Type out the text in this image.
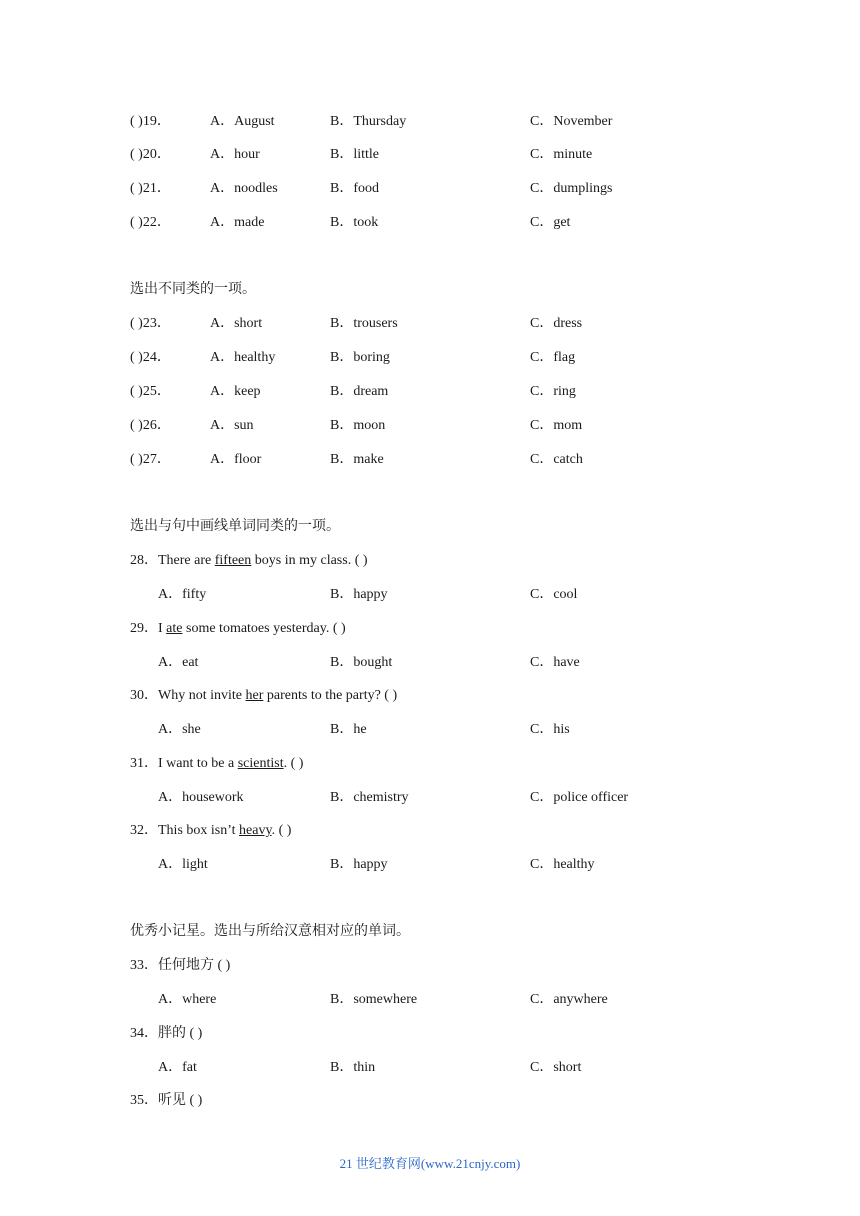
( )19．	A．August	B．Thursday	C．November
( )20．	A．hour	B．little	C．minute
( )21．	A．noodles	B．food	C．dumplings
( )22．	A．made	B．took	C．get
选出不同类的一项。
( )23．	A．short	B．trousers	C．dress
( )24．	A．healthy	B．boring	C．flag
( )25．	A．keep	B．dream	C．ring
( )26．	A．sun	B．moon	C．mom
( )27．	A．floor	B．make	C．catch
选出与句中画线单词同类的一项。
28．There are fifteen boys in my class. ( )
A．fifty	B．happy	C．cool
29．I ate some tomatoes yesterday. ( )
A．eat	B．bought	C．have
30．Why not invite her parents to the party? ( )
A．she	B．he	C．his
31．I want to be a scientist. ( )
A．housework	B．chemistry	C．police officer
32．This box isn’t heavy. ( )
A．light	B．happy	C．healthy
优秀小记星。选出与所给汉意相对应的单词。
33．任何地方 ( )
A．where	B．somewhere	C．anywhere
34．胖的 ( )
A．fat	B．thin	C．short
35．听见 ( )
21 世纪教育网(www.21cnjy.com)
